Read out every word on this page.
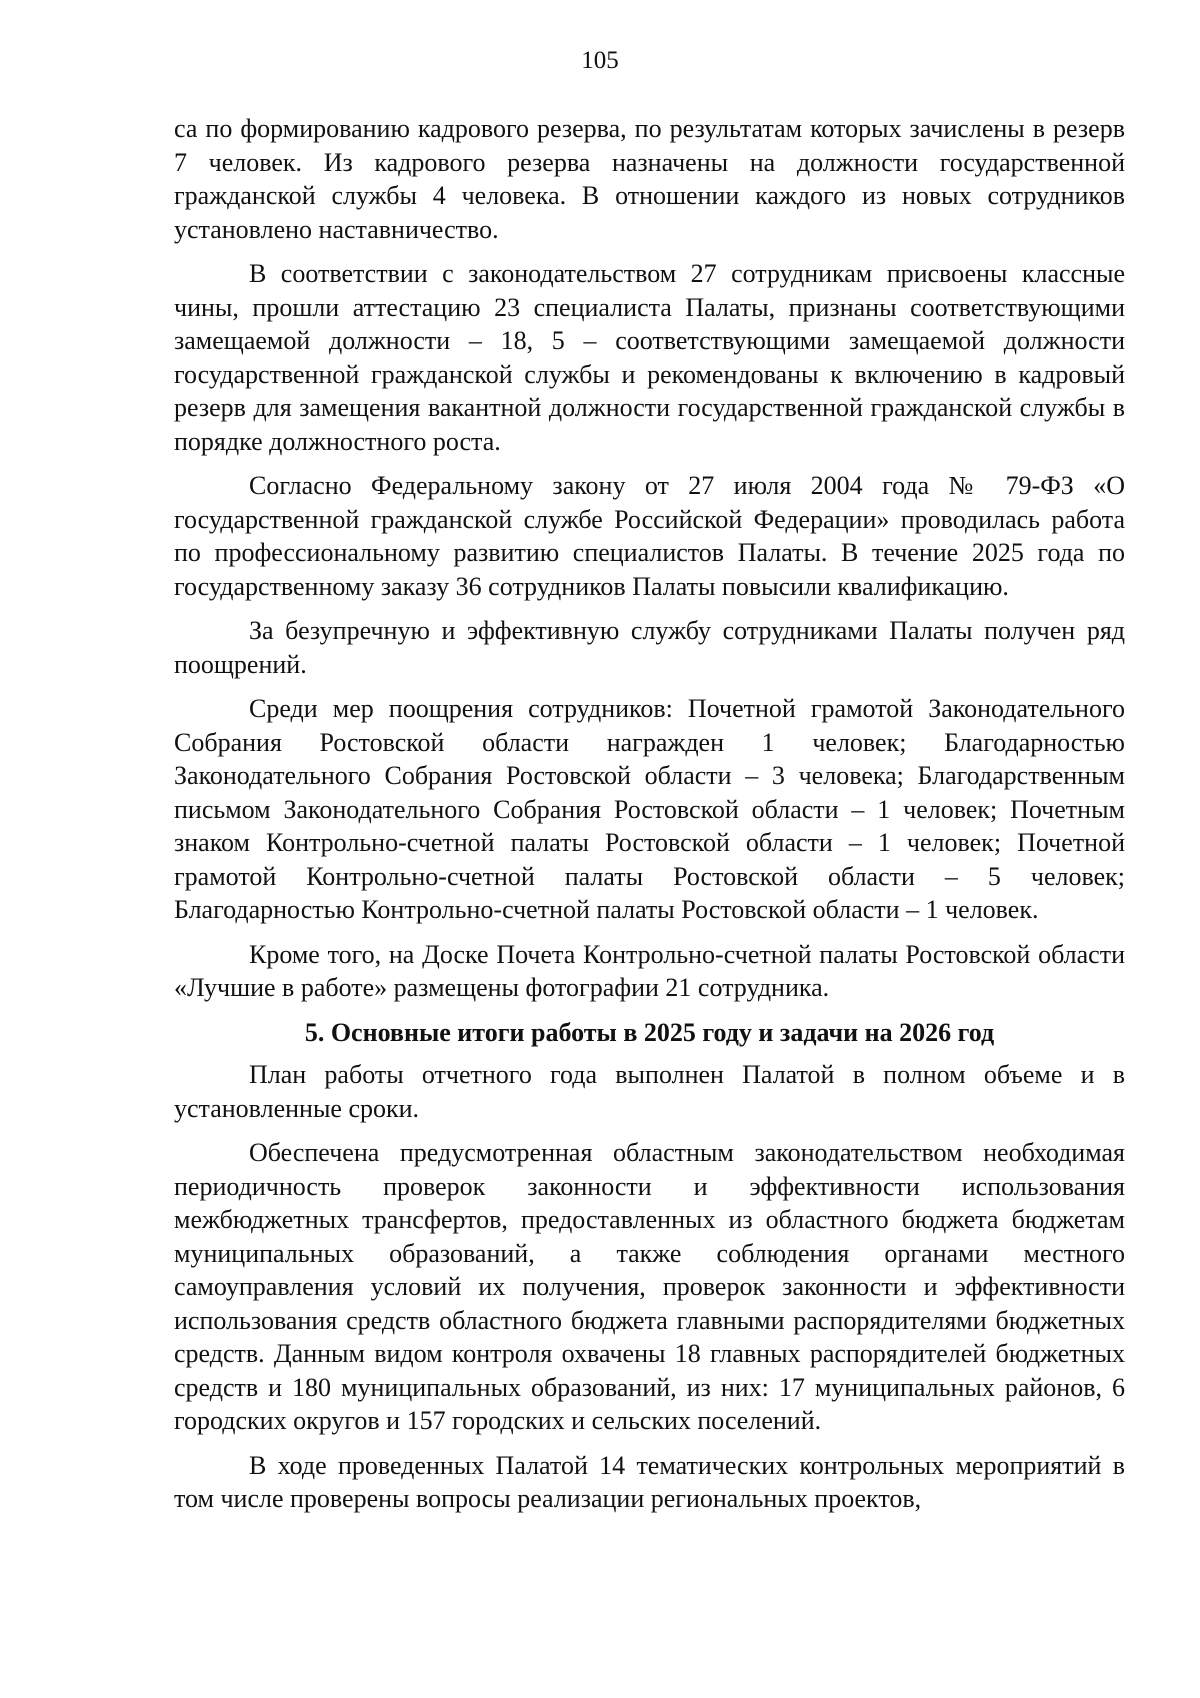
105

са по формированию кадрового резерва, по результатам которых зачислены в резерв 7 человек. Из кадрового резерва назначены на должности государственной гражданской службы 4 человека. В отношении каждого из новых сотрудников установлено наставничество.

В соответствии с законодательством 27 сотрудникам присвоены классные чины, прошли аттестацию 23 специалиста Палаты, признаны соответствующими замещаемой должности – 18, 5 – соответствующими замещаемой должности государственной гражданской службы и рекомендованы к включению в кадровый резерв для замещения вакантной должности государственной гражданской службы в порядке должностного роста.

Согласно Федеральному закону от 27 июля 2004 года № 79-ФЗ «О государственной гражданской службе Российской Федерации» проводилась работа по профессиональному развитию специалистов Палаты. В течение 2025 года по государственному заказу 36 сотрудников Палаты повысили квалификацию.

За безупречную и эффективную службу сотрудниками Палаты получен ряд поощрений.

Среди мер поощрения сотрудников: Почетной грамотой Законодательного Собрания Ростовской области награжден 1 человек; Благодарностью Законодательного Собрания Ростовской области – 3 человека; Благодарственным письмом Законодательного Собрания Ростовской области – 1 человек; Почетным знаком Контрольно-счетной палаты Ростовской области – 1 человек; Почетной грамотой Контрольно-счетной палаты Ростовской области – 5 человек; Благодарностью Контрольно-счетной палаты Ростовской области – 1 человек.

Кроме того, на Доске Почета Контрольно-счетной палаты Ростовской области «Лучшие в работе» размещены фотографии 21 сотрудника.

5. Основные итоги работы в 2025 году и задачи на 2026 год

План работы отчетного года выполнен Палатой в полном объеме и в установленные сроки.

Обеспечена предусмотренная областным законодательством необходимая периодичность проверок законности и эффективности использования межбюджетных трансфертов, предоставленных из областного бюджета бюджетам муниципальных образований, а также соблюдения органами местного самоуправления условий их получения, проверок законности и эффективности использования средств областного бюджета главными распорядителями бюджетных средств. Данным видом контроля охвачены 18 главных распорядителей бюджетных средств и 180 муниципальных образований, из них: 17 муниципальных районов, 6 городских округов и 157 городских и сельских поселений.

В ходе проведенных Палатой 14 тематических контрольных мероприятий в том числе проверены вопросы реализации региональных проектов,
